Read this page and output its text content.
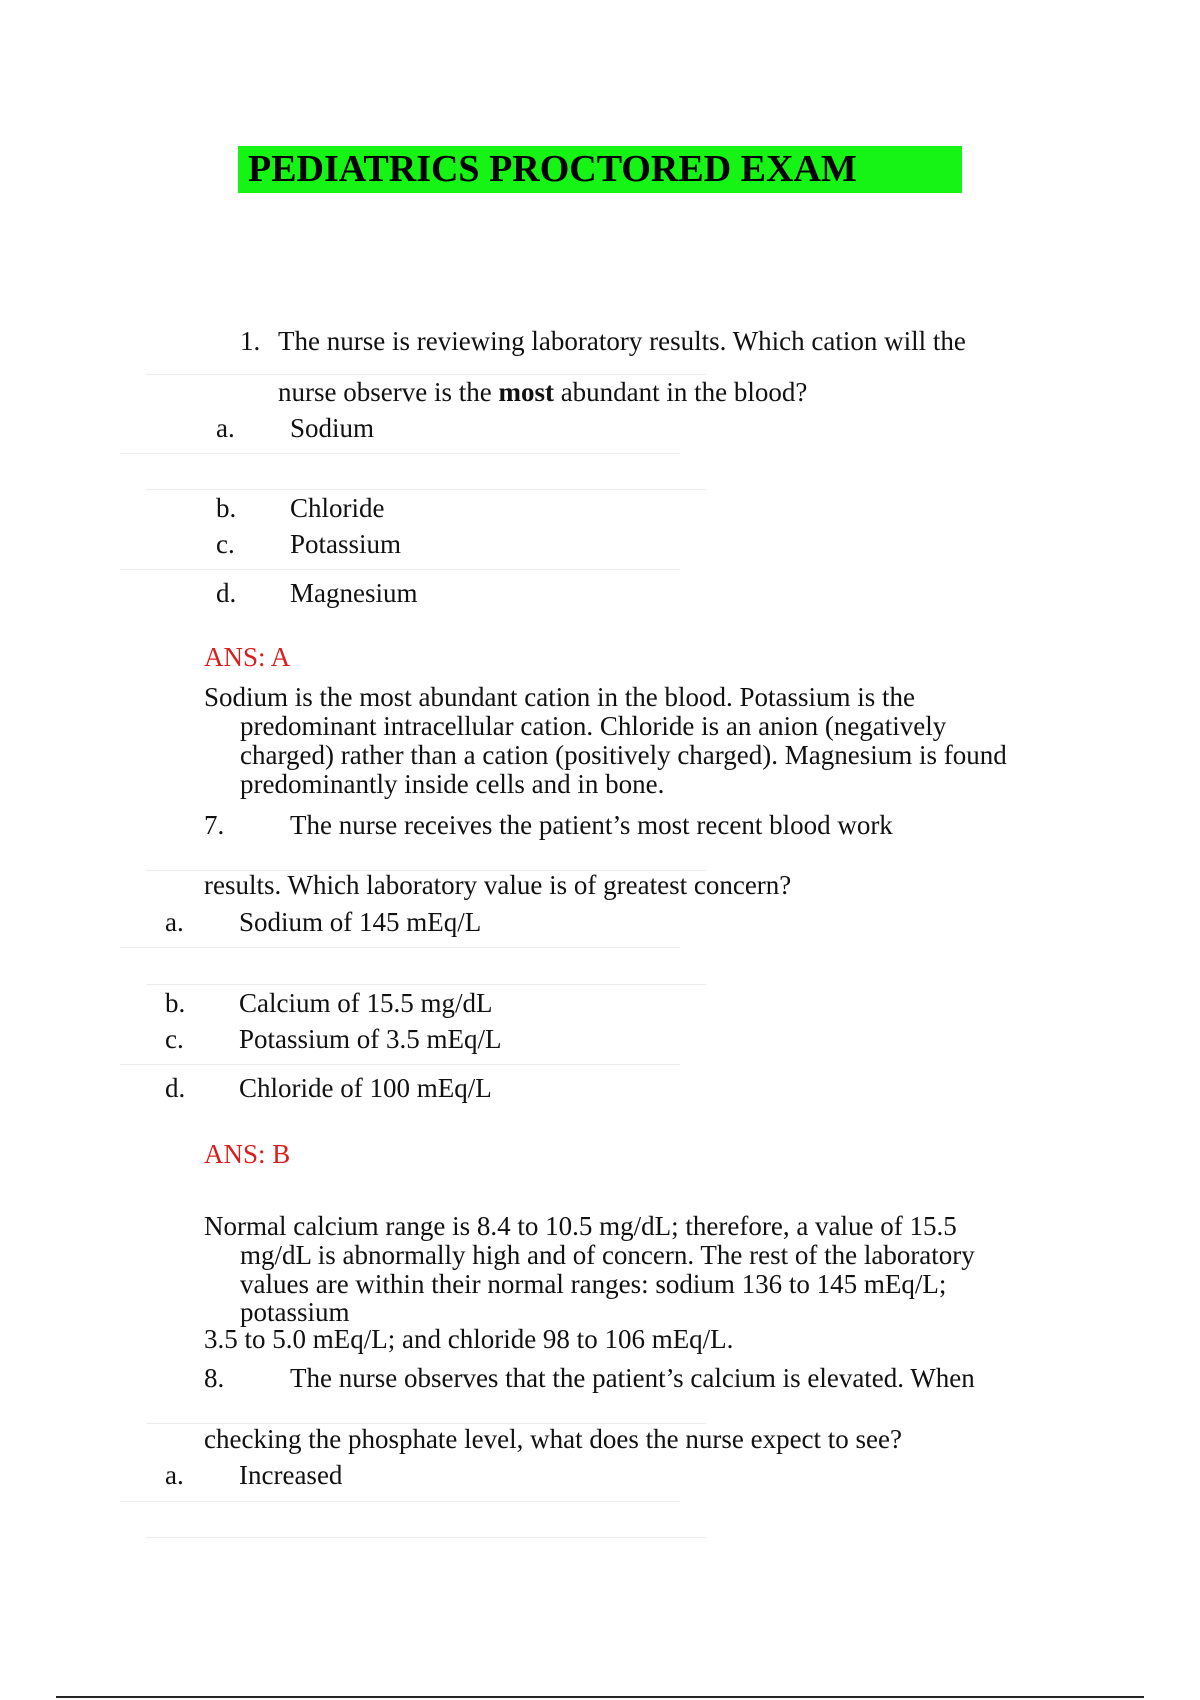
PEDIATRICS PROCTORED EXAM
1. The nurse is reviewing laboratory results. Which cation will the
nurse observe is the most abundant in the blood?
a. Sodium
b. Chloride
c. Potassium
d. Magnesium
ANS: A
Sodium is the most abundant cation in the blood. Potassium is the
predominant intracellular cation. Chloride is an anion (negatively
charged) rather than a cation (positively charged). Magnesium is found
predominantly inside cells and in bone.
7. The nurse receives the patient’s most recent blood work
results. Which laboratory value is of greatest concern?
a. Sodium of 145 mEq/L
b. Calcium of 15.5 mg/dL
c. Potassium of 3.5 mEq/L
d. Chloride of 100 mEq/L
ANS: B
Normal calcium range is 8.4 to 10.5 mg/dL; therefore, a value of 15.5
mg/dL is abnormally high and of concern. The rest of the laboratory
values are within their normal ranges: sodium 136 to 145 mEq/L;
potassium
3.5 to 5.0 mEq/L; and chloride 98 to 106 mEq/L.
8. The nurse observes that the patient’s calcium is elevated. When
checking the phosphate level, what does the nurse expect to see?
a. Increased
